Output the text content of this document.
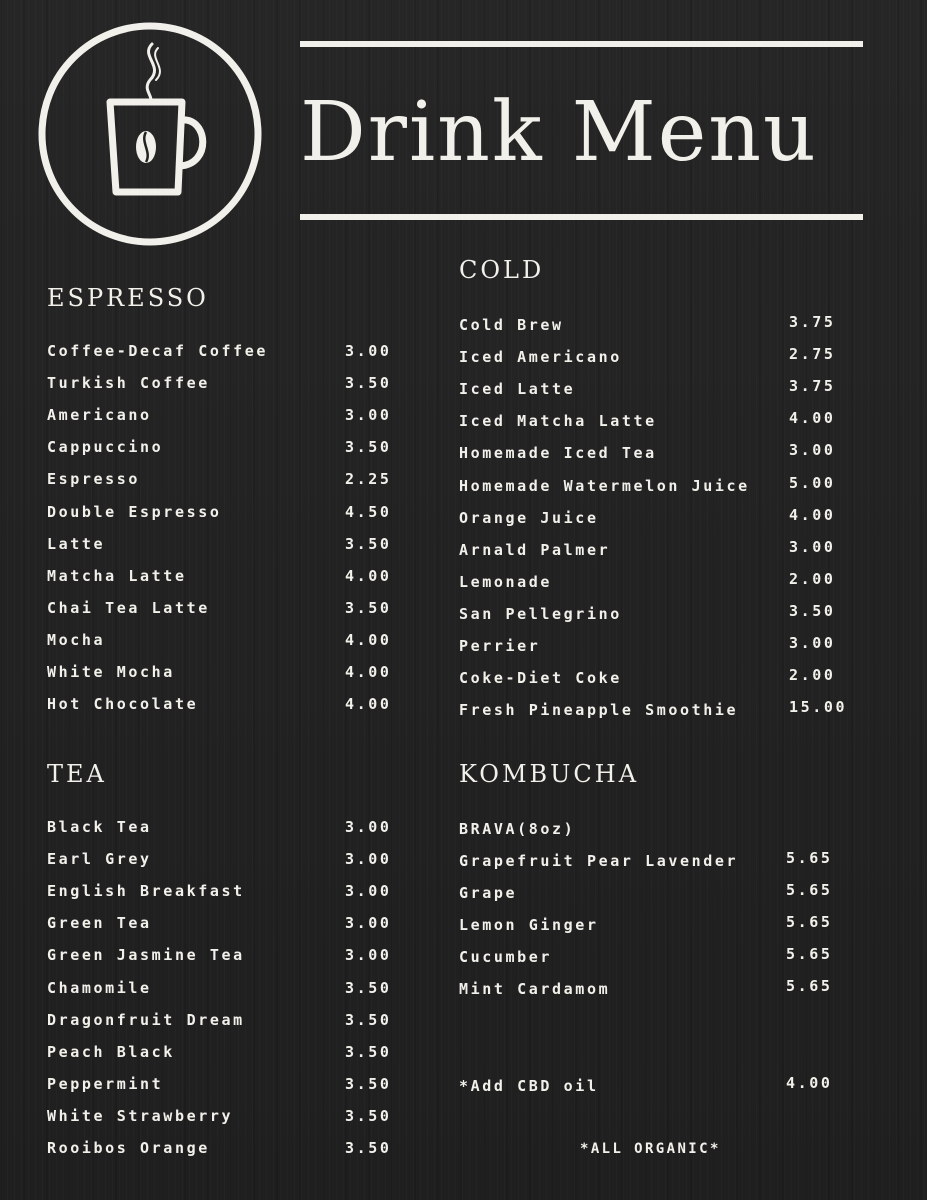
Drink Menu
ESPRESSO
TEA
COLD
KOMBUCHA
Coffee-Decaf Coffee	3.00
Turkish Coffee	3.50
Americano	3.00
Cappuccino	3.50
Espresso	2.25
Double Espresso	4.50
Latte	3.50
Matcha Latte	4.00
Chai Tea Latte	3.50
Mocha	4.00
White Mocha	4.00
Hot Chocolate	4.00
Black Tea	3.00
Earl Grey	3.00
English Breakfast	3.00
Green Tea	3.00
Green Jasmine Tea	3.00
Chamomile	3.50
Dragonfruit Dream	3.50
Peach Black	3.50
Peppermint	3.50
White Strawberry	3.50
Rooibos Orange	3.50
Cold Brew	3.75
Iced Americano	2.75
Iced Latte	3.75
Iced Matcha Latte	4.00
Homemade Iced Tea	3.00
Homemade Watermelon Juice	5.00
Orange Juice	4.00
Arnald Palmer	3.00
Lemonade	2.00
San Pellegrino	3.50
Perrier	3.00
Coke-Diet Coke	2.00
Fresh Pineapple Smoothie	15.00
Grapefruit Pear Lavender	5.65
Grape	5.65
Lemon Ginger	5.65
Cucumber	5.65
Mint Cardamom	5.65
BRAVA(8oz)
*Add CBD oil	4.00
*ALL ORGANIC*
